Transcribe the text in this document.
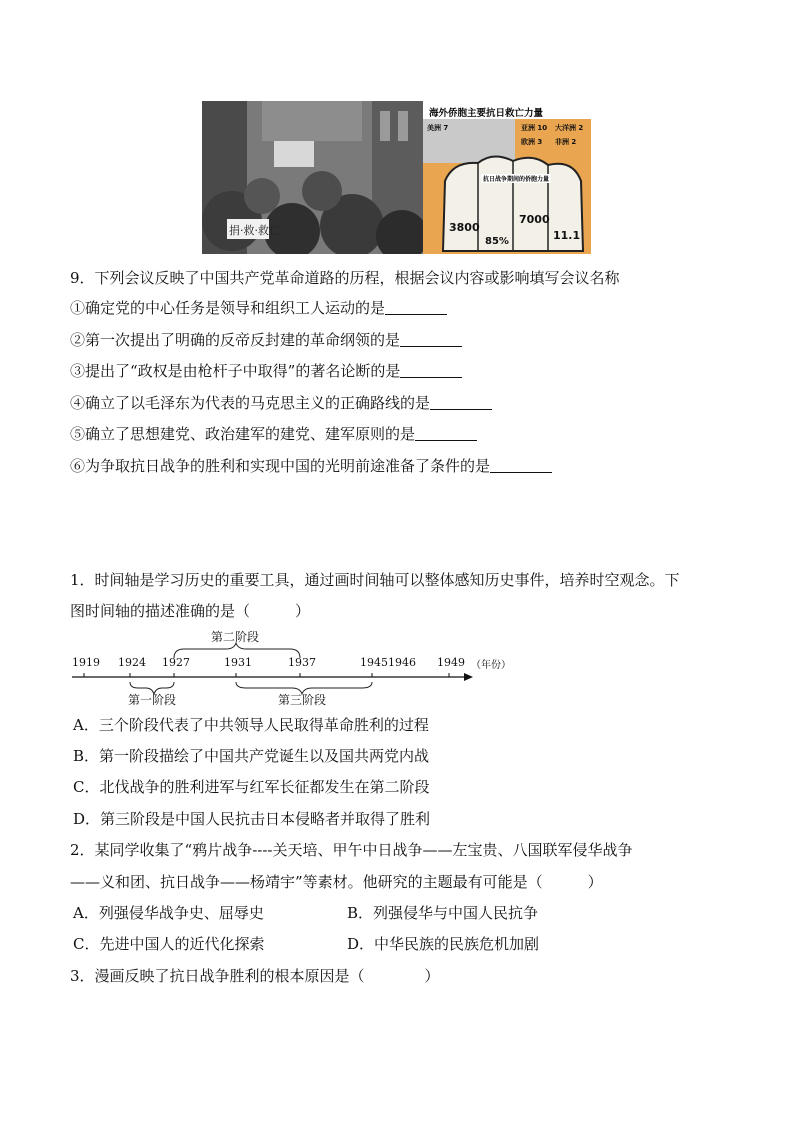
捐·救·救亡
海外侨胞主要抗日救亡力量
美洲 7	亚洲 10
欧洲 3
大洋洲 2
非洲 2
抗日战争期间的侨胞力量
3800
85%
7000
11.1
9．下列会议反映了中国共产党革命道路的历程，根据会议内容或影响填写会议名称
①确定党的中心任务是领导和组织工人运动的是
②第一次提出了明确的反帝反封建的革命纲领的是
③提出了“政权是由枪杆子中取得”的著名论断的是
④确立了以毛泽东为代表的马克思主义的正确路线的是
⑤确立了思想建党、政治建军的建党、建军原则的是
⑥为争取抗日战争的胜利和实现中国的光明前途准备了条件的是
1．时间轴是学习历史的重要工具，通过画时间轴可以整体感知历史事件，培养时空观念。下
图时间轴的描述准确的是（　　　）
第二阶段
1919 1924 1927	1931	1937	1945 1946 1949 （年份）
第一阶段	第三阶段
A．三个阶段代表了中共领导人民取得革命胜利的过程
B．第一阶段描绘了中国共产党诞生以及国共两党内战
C．北伐战争的胜利进军与红军长征都发生在第二阶段
D．第三阶段是中国人民抗击日本侵略者并取得了胜利
2．某同学收集了“鸦片战争----关天培、甲午中日战争——左宝贵、八国联军侵华战争
——义和团、抗日战争——杨靖宇”等素材。他研究的主题最有可能是（　　　）
A．列强侵华战争史、屈辱史	B．列强侵华与中国人民抗争
C．先进中国人的近代化探索	D．中华民族的民族危机加剧
3．漫画反映了抗日战争胜利的根本原因是（　　　　）
